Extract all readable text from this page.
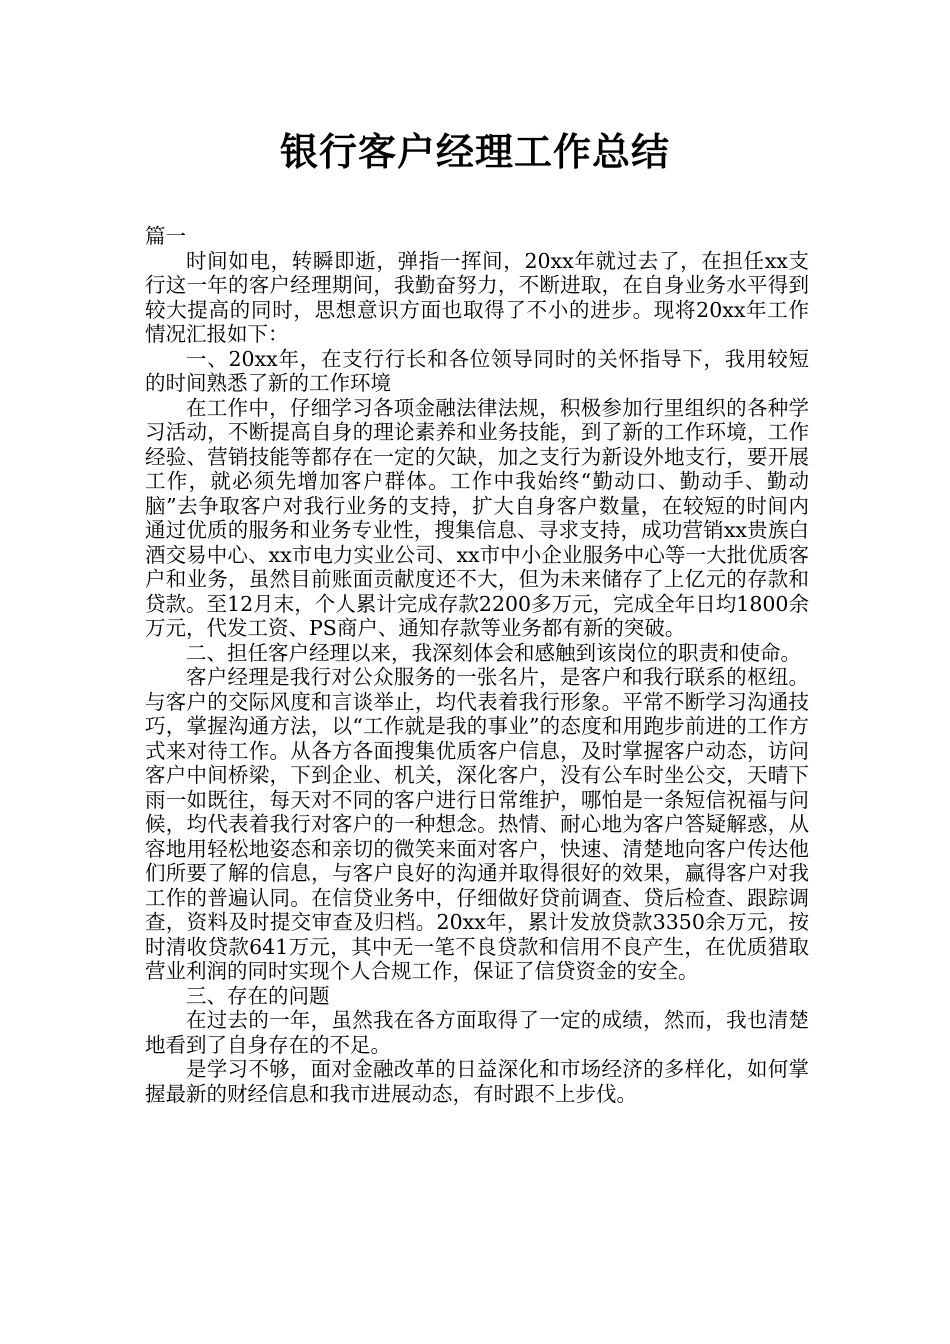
银行客户经理工作总结

篇一

时间如电，转瞬即逝，弹指一挥间，20xx年就过去了，在担任xx支行这一年的客户经理期间，我勤奋努力，不断进取，在自身业务水平得到较大提高的同时，思想意识方面也取得了不小的进步。现将20xx年工作情况汇报如下：

一、20xx年，在支行行长和各位领导同时的关怀指导下，我用较短的时间熟悉了新的工作环境

在工作中，仔细学习各项金融法律法规，积极参加行里组织的各种学习活动，不断提高自身的理论素养和业务技能，到了新的工作环境，工作经验、营销技能等都存在一定的欠缺，加之支行为新设外地支行，要开展工作，就必须先增加客户群体。工作中我始终“勤动口、勤动手、勤动脑”去争取客户对我行业务的支持，扩大自身客户数量，在较短的时间内通过优质的服务和业务专业性，搜集信息、寻求支持，成功营销xx贵族白酒交易中心、xx市电力实业公司、xx市中小企业服务中心等一大批优质客户和业务，虽然目前账面贡献度还不大，但为未来储存了上亿元的存款和贷款。至12月末，个人累计完成存款2200多万元，完成全年日均1800余万元，代发工资、PS商户、通知存款等业务都有新的突破。

二、担任客户经理以来，我深刻体会和感触到该岗位的职责和使命。

客户经理是我行对公众服务的一张名片，是客户和我行联系的枢纽。与客户的交际风度和言谈举止，均代表着我行形象。平常不断学习沟通技巧，掌握沟通方法，以“工作就是我的事业”的态度和用跑步前进的工作方式来对待工作。从各方各面搜集优质客户信息，及时掌握客户动态，访问客户中间桥梁，下到企业、机关，深化客户，没有公车时坐公交，天晴下雨一如既往，每天对不同的客户进行日常维护，哪怕是一条短信祝福与问候，均代表着我行对客户的一种想念。热情、耐心地为客户答疑解惑，从容地用轻松地姿态和亲切的微笑来面对客户，快速、清楚地向客户传达他们所要了解的信息，与客户良好的沟通并取得很好的效果，赢得客户对我工作的普遍认同。在信贷业务中，仔细做好贷前调查、贷后检查、跟踪调查，资料及时提交审查及归档。20xx年，累计发放贷款3350余万元，按时清收贷款641万元，其中无一笔不良贷款和信用不良产生，在优质猎取营业利润的同时实现个人合规工作，保证了信贷资金的安全。

三、存在的问题

在过去的一年，虽然我在各方面取得了一定的成绩，然而，我也清楚地看到了自身存在的不足。

是学习不够，面对金融改革的日益深化和市场经济的多样化，如何掌握最新的财经信息和我市进展动态，有时跟不上步伐。
